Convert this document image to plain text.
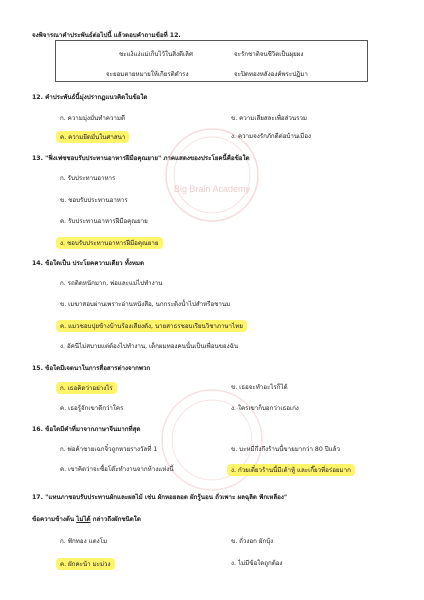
Big Brain Academy
จงพิจารณาคำประพันธ์ต่อไปนี้ แล้วตอบคำถามข้อที่ 12.
ชะแง้แง่แม่เก็บไว้ในสิ่งดีเลิศ	จะรักชาติจนชีวิตเป็นผุยผง
จะยอมตายหมายให้เกียรติดำรง	จะปิดทองหลังองค์พระปฏิมา
12. คำประพันธ์นี้มุ่งปรากฏแนวคิดในข้อใด
ก. ความมุ่งมั่นทำความดี	ข. ความเสียสละเพื่อส่วนรวม
ค. ความยึดมั่นในศาสนา	ง. ความจงรักภักดีต่อบ้านเมือง
13. "ฟิ่งเฟซชอบรับประทานอาหารฝีมือคุณยาย" ภาคแสดงของประโยคนี้คือข้อใด
ก. รับประทานอาหาร
ข. ชอบรับประทานอาหาร
ค. รับประทานอาหารฝีมือคุณยาย
ง. ชอบรับประทานอาหารฝีมือคุณยาย
14. ข้อใดเป็น ประโยคความเดียว ทั้งหมด
ก. รถติดหนักมาก, พ่อและแม่ไปทำงาน
ข. เมฆาสอบผ่านเพราะอ่านหนังสือ, นกกระดิ่งน้ำไปสำหรือชานม
ค. แมวชอบปุยข้างบ้านร้องเสียงดัง, นายสาธรชอบเรียนวิชาภาษาไทย
ง. อัคนีไม่สบายแต่ต้องไปทำงาน, เด็กผมทองคนนั้นเป็นเพื่อนของฉัน
15. ข้อใดมีเจตนาในการสื่อสารต่างจากพวก
ก. เธอคิดว่าอย่างไร	ข. เธอจะทำอะไรก็ได้
ค. เธอรู้จักเขาดีกว่าใคร	ง. ใครเขาก็บอกว่าเธอเก่ง
16. ข้อใดมีคำที่มาจากภาษาจีนมากที่สุด
ก. พ่อค้าชายเฉกจิ๋วถูกหวยรางวัลที่ 1	ข. บะหมี่กึ่งกึงร้านนี้ขายมากว่า 80 ปีแล้ว
ค. เขาคิดว่าจะซื้อโต๊ะทำงานจากห้างแห่งนี้	ง. ก๋วยเตี๋ยวร้านนี้มีเต้าหู้ และเกี๊ยวที่อร่อยมาก
17. "แหนภาชอบรับประทานผักและผลไม้ เช่น ผักหอยลอด ผักรู้นอน ถั่วเพาะ ผลฉุลิด ฟักเหลือง"
ข้อความข้างต้น ไม่ได้ กล่าวถึงผักชนิดใด
ก. ฟักทอง แตงโม	ข. ถั่วงอก ผักบุ้ง
ค. ผักคะน้า มะม่วง	ง. ไม่มีข้อใดถูกต้อง
